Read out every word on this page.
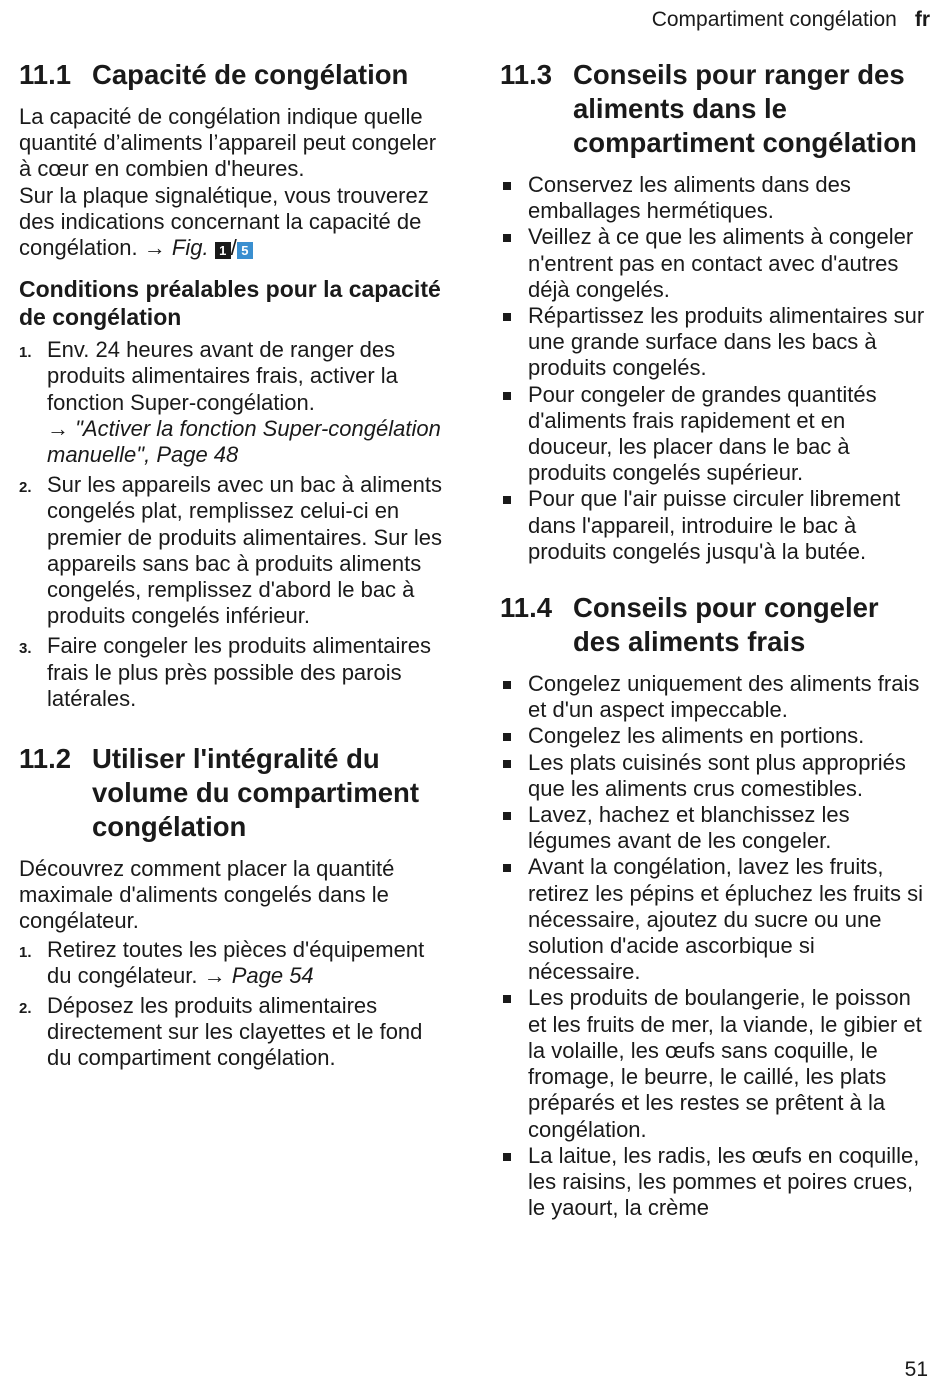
Compartiment congélation fr
11.1 Capacité de congélation

La capacité de congélation indique quelle quantité d’aliments l’appareil peut congeler à cœur en combien d'heures.

Sur la plaque signalétique, vous trouverez des indications concernant la capacité de congélation. → Fig. 1 / 5

Conditions préalables pour la capacité de congélation
1. Env. 24 heures avant de ranger des produits alimentaires frais, activer la fonction Super-congélation.
→ "Activer la fonction Super-congélation manuelle", Page 48
2. Sur les appareils avec un bac à aliments congelés plat, remplissez celui-ci en premier de produits alimentaires. Sur les appareils sans bac à produits aliments congelés, remplissez d'abord le bac à produits congelés inférieur.
3. Faire congeler les produits alimentaires frais le plus près possible des parois latérales.
11.2 Utiliser l'intégralité du volume du compartiment congélation

Découvrez comment placer la quantité maximale d'aliments congelés dans le congélateur.

1. Retirez toutes les pièces d'équipement du congélateur. → Page 54
2. Déposez les produits alimentaires directement sur les clayettes et le fond du compartiment congélation.
11.3 Conseils pour ranger des aliments dans le compartiment congélation
Conservez les aliments dans des emballages hermétiques.
Veillez à ce que les aliments à congeler n'entrent pas en contact avec d'autres déjà congelés.
Répartissez les produits alimentaires sur une grande surface dans les bacs à produits congelés.
Pour congeler de grandes quantités d'aliments frais rapidement et en douceur, les placer dans le bac à produits congelés supérieur.
Pour que l'air puisse circuler librement dans l'appareil, introduire le bac à produits congelés jusqu'à la butée.
11.4 Conseils pour congeler des aliments frais
Congelez uniquement des aliments frais et d'un aspect impeccable.
Congelez les aliments en portions.
Les plats cuisinés sont plus appropriés que les aliments crus comestibles.
Lavez, hachez et blanchissez les légumes avant de les congeler.
Avant la congélation, lavez les fruits, retirez les pépins et épluchez les fruits si nécessaire, ajoutez du sucre ou une solution d'acide ascorbique si nécessaire.
Les produits de boulangerie, le poisson et les fruits de mer, la viande, le gibier et la volaille, les œufs sans coquille, le fromage, le beurre, le caillé, les plats préparés et les restes se prêtent à la congélation.
La laitue, les radis, les œufs en coquille, les raisins, les pommes et poires crues, le yaourt, la crème
51
